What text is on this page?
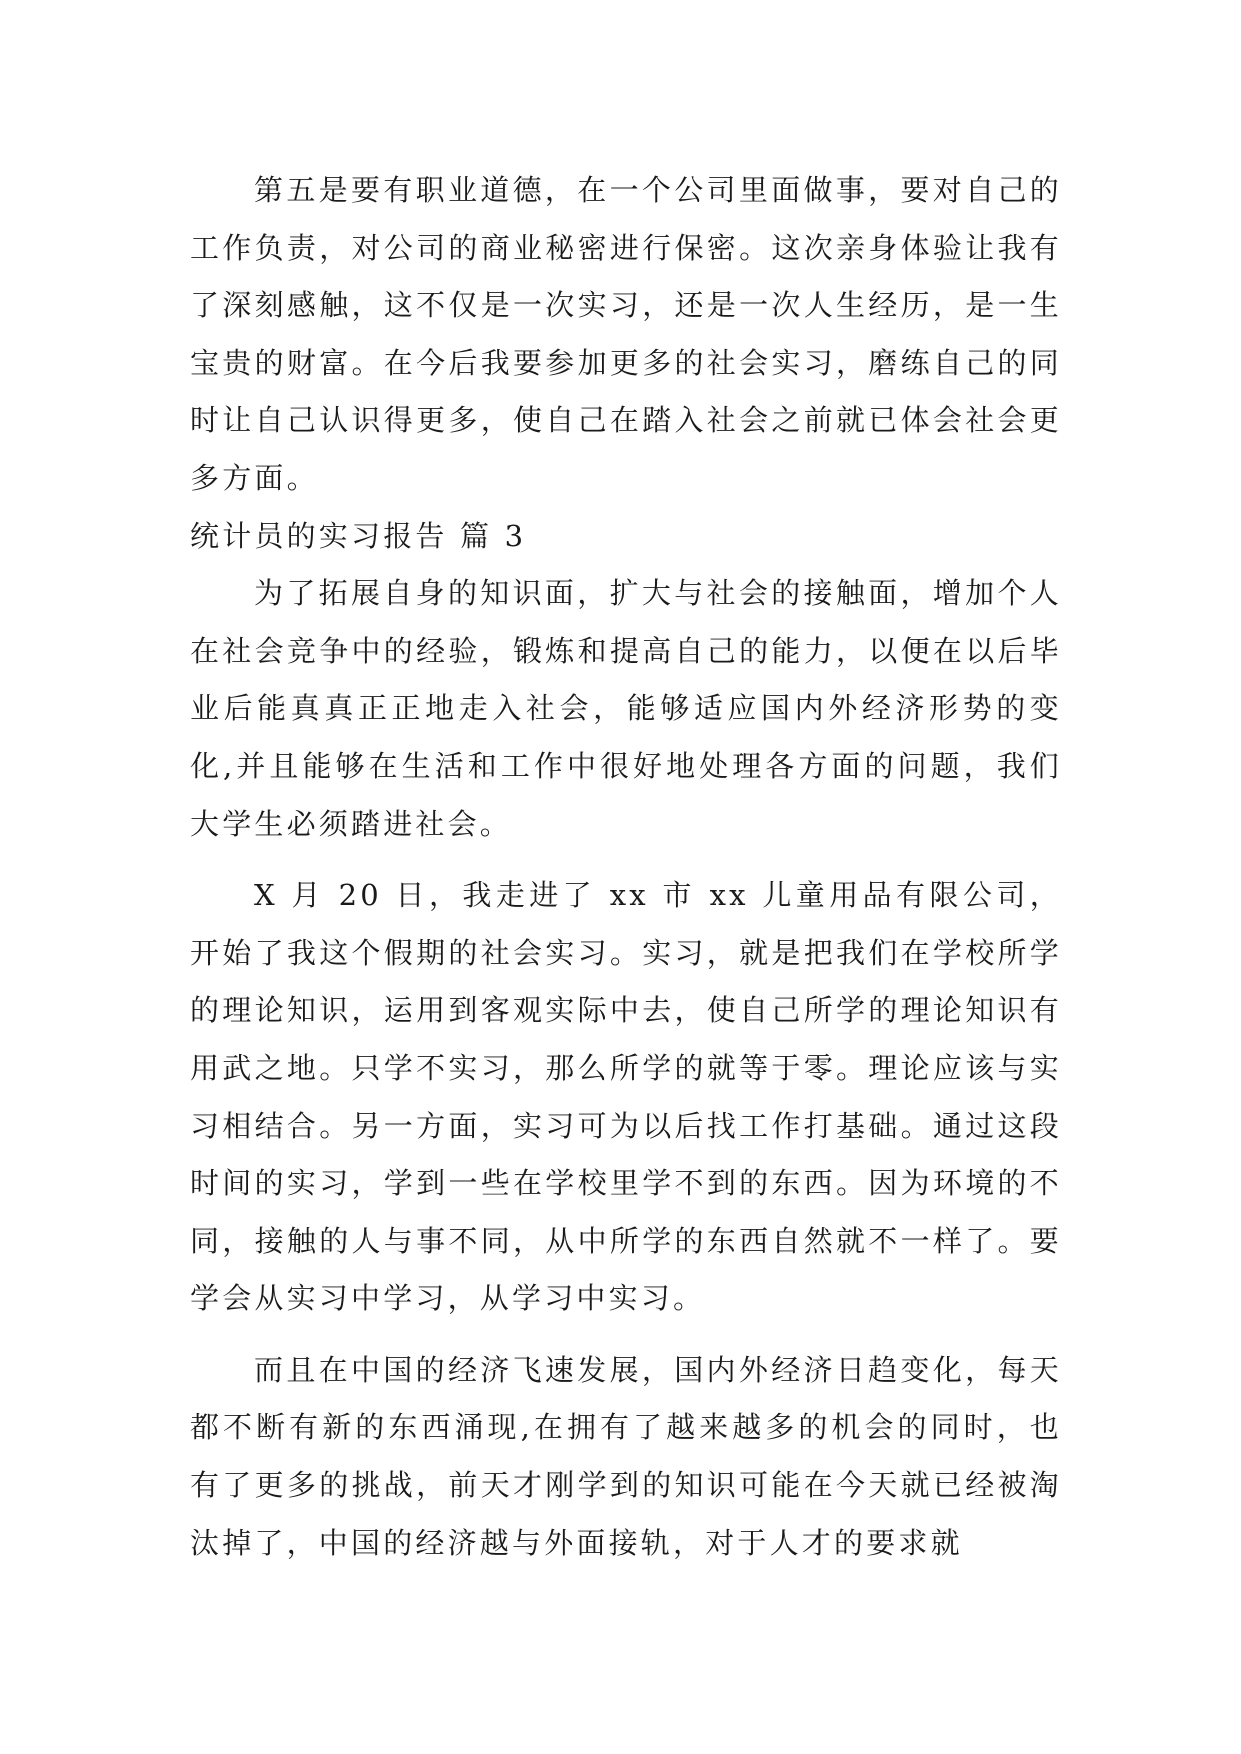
第五是要有职业道德，在一个公司里面做事，要对自己的工作负责，对公司的商业秘密进行保密。这次亲身体验让我有了深刻感触，这不仅是一次实习，还是一次人生经历，是一生宝贵的财富。在今后我要参加更多的社会实习，磨练自己的同时让自己认识得更多，使自己在踏入社会之前就已体会社会更多方面。

统计员的实习报告 篇 3

为了拓展自身的知识面，扩大与社会的接触面，增加个人在社会竞争中的经验，锻炼和提高自己的能力，以便在以后毕业后能真真正正地走入社会，能够适应国内外经济形势的变化,并且能够在生活和工作中很好地处理各方面的问题，我们大学生必须踏进社会。

X 月 20 日，我走进了 xx 市 xx 儿童用品有限公司，开始了我这个假期的社会实习。实习，就是把我们在学校所学的理论知识，运用到客观实际中去，使自己所学的理论知识有用武之地。只学不实习，那么所学的就等于零。理论应该与实习相结合。另一方面，实习可为以后找工作打基础。通过这段时间的实习，学到一些在学校里学不到的东西。因为环境的不同，接触的人与事不同，从中所学的东西自然就不一样了。要学会从实习中学习，从学习中实习。

而且在中国的经济飞速发展，国内外经济日趋变化，每天都不断有新的东西涌现,在拥有了越来越多的机会的同时，也有了更多的挑战，前天才刚学到的知识可能在今天就已经被淘汰掉了，中国的经济越与外面接轨，对于人才的要求就
